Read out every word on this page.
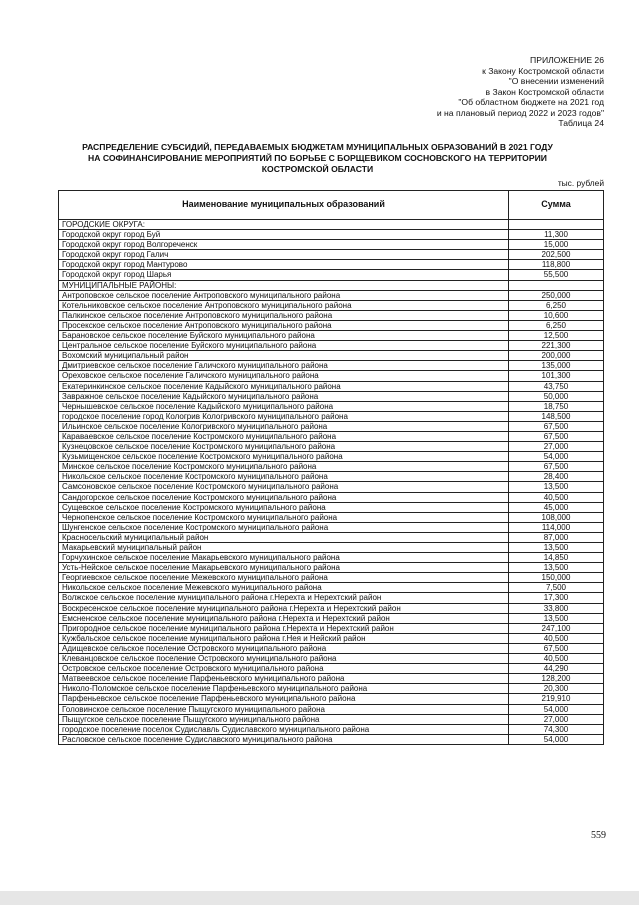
ПРИЛОЖЕНИЕ 26
к Закону Костромской области
"О внесении изменений
в Закон Костромской области
"Об областном бюджете на 2021 год
и на плановый период 2022 и 2023 годов"
Таблица 24
РАСПРЕДЕЛЕНИЕ СУБСИДИЙ, ПЕРЕДАВАЕМЫХ БЮДЖЕТАМ МУНИЦИПАЛЬНЫХ ОБРАЗОВАНИЙ В 2021 ГОДУ
НА СОФИНАНСИРОВАНИЕ МЕРОПРИЯТИЙ ПО БОРЬБЕ С БОРЩЕВИКОМ СОСНОВСКОГО НА ТЕРРИТОРИИ
КОСТРОМСКОЙ ОБЛАСТИ
тыс. рублей
Наименование муниципальных образований	Сумма
ГОРОДСКИЕ ОКРУГА:	
Городской округ город Буй	11,300
Городской округ город Волгореченск	15,000
Городской округ город Галич	202,500
Городской округ город Мантурово	118,800
Городской округ город Шарья	55,500
МУНИЦИПАЛЬНЫЕ РАЙОНЫ:	
Антроповское сельское поселение Антроповского муниципального района	250,000
Котельниковское сельское поселение Антроповского муниципального района	6,250
Палкинское сельское поселение Антроповского муниципального района	10,600
Просекское сельское поселение Антроповского муниципального района	6,250
Барановское сельское поселение Буйского муниципального района	12,500
Центральное сельское поселение Буйского муниципального района	221,300
Вохомский муниципальный район	200,000
Дмитриевское сельское поселение Галичского муниципального района	135,000
Ореховское сельское поселение Галичского муниципального района	101,300
Екатеринкинское сельское поселение Кадыйского муниципального района	43,750
Завражное сельское поселение Кадыйского муниципального района	50,000
Чернышевское сельское поселение Кадыйского муниципального района	18,750
городское поселение город Кологрив Кологривского муниципального района	148,500
Ильинское сельское поселение Кологривского муниципального района	67,500
Караваевское сельское поселение Костромского муниципального района	67,500
Кузнецовское сельское поселение Костромского муниципального района	27,000
Кузьмищенское сельское поселение Костромского муниципального района	54,000
Минское сельское поселение Костромского муниципального района	67,500
Никольское сельское поселение Костромского муниципального района	28,400
Самсоновское сельское поселение Костромского муниципального района	13,500
Сандогорское сельское поселение Костромского муниципального района	40,500
Сущевское сельское поселение Костромского муниципального района	45,000
Чернопенское сельское поселение Костромского муниципального района	108,000
Шунгенское сельское поселение Костромского муниципального района	114,000
Красносельский муниципальный район	87,000
Макарьевский муниципальный район	13,500
Горчухинское сельское поселение Макарьевского муниципального района	14,850
Усть-Нейское сельское поселение Макарьевского муниципального района	13,500
Георгиевское сельское поселение Межевского муниципального района	150,000
Никольское сельское поселение Межевского муниципального района	7,500
Волжское сельское поселение муниципального района г.Нерехта и Нерехтский район	17,300
Воскресенское сельское поселение муниципального района г.Нерехта и Нерехтский район	33,800
Емсненское сельское поселение муниципального района г.Нерехта и Нерехтский район	13,500
Пригородное сельское поселение муниципального района г.Нерехта и Нерехтский район	247,100
Кужбальское сельское поселение муниципального района г.Нея и Нейский район	40,500
Адищевское сельское поселение Островского муниципального района	67,500
Клеванцовское сельское поселение Островского муниципального района	40,500
Островское сельское поселение Островского муниципального района	44,290
Матвеевское сельское поселение Парфеньевского муниципального района	128,200
Николо-Поломское сельское поселение Парфеньевского муниципального района	20,300
Парфеньевское сельское поселение Парфеньевского муниципального района	219,910
Головинское сельское поселение Пыщугского муниципального района	54,000
Пыщугское сельское поселение Пыщугского муниципального района	27,000
городское поселение поселок Судиславль Судиславского муниципального района	74,300
Расловское сельское поселение Судиславского муниципального района	54,000
559
